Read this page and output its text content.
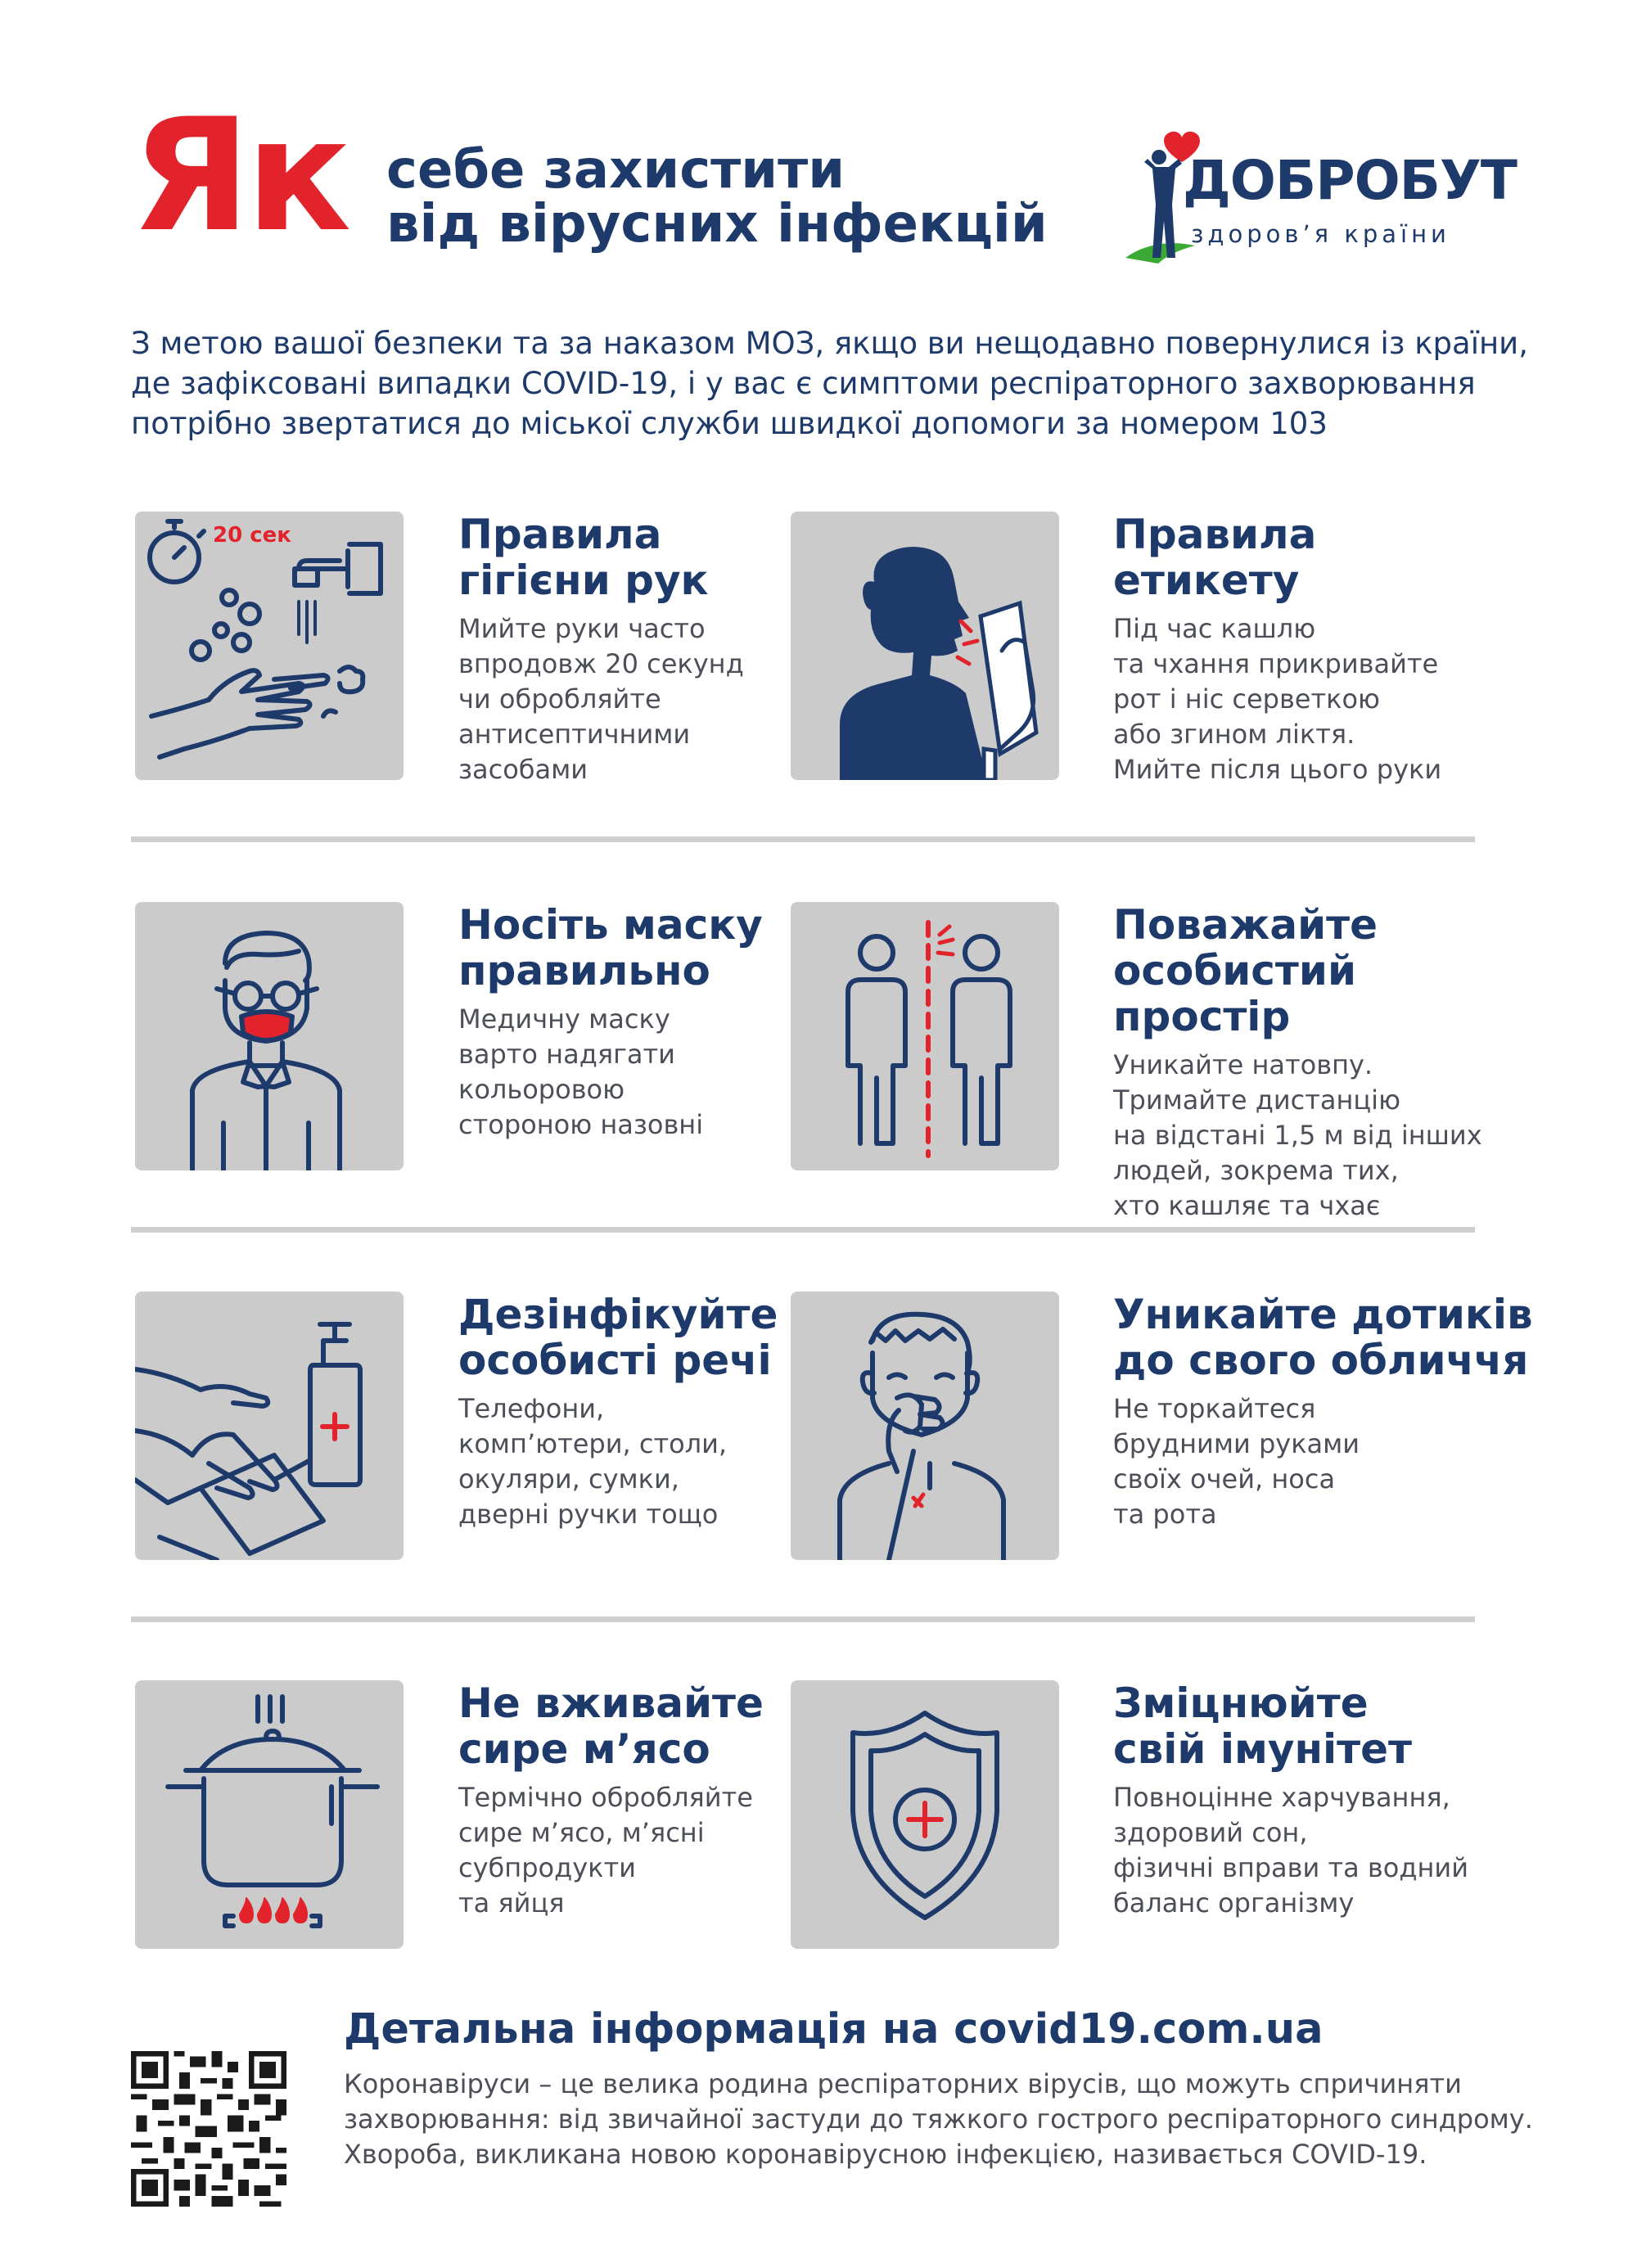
Як себе захистити
від вірусних інфекцій
ДОБРОБУТ
здоров’я країни
З метою вашої безпеки та за наказом МОЗ, якщо ви нещодавно повернулися із країни,
де зафіксовані випадки COVID-19, і у вас є симптоми респіраторного захворювання
потрібно звертатися до міської служби швидкої допомоги за номером 103
20 сек	Правила
гігієни рук
Мийте руки часто
впродовж 20 секунд
чи обробляйте
антисептичними
засобами
Правила
етикету
Під час кашлю
та чхання прикривайте
рот і ніс серветкою
або згином ліктя.
Мийте після цього руки
Носіть маску
правильно
Медичну маску
варто надягати
кольоровою
стороною назовні
Поважайте
особистий простір
Уникайте натовпу.
Тримайте дистанцію
на відстані 1,5 м від інших
людей, зокрема тих,
хто кашляє та чхає
Дезінфікуйте
особисті речі
Телефони,
комп’ютери, столи,
окуляри, сумки,
дверні ручки тощо
Уникайте дотиків
до свого обличчя
Не торкайтеся
брудними руками
своїх очей, носа
та рота
Не вживайте
сире м’ясо
Термічно обробляйте
сире м’ясо, м’ясні
субпродукти
та яйця
Зміцнюйте
свій імунітет
Повноцінне харчування,
здоровий сон,
фізичні вправи та водний
баланс організму
Детальна інформація на covid19.com.ua
Коронавіруси – це велика родина респіраторних вірусів, що можуть спричиняти
захворювання: від звичайної застуди до тяжкого гострого респіраторного синдрому.
Хвороба, викликана новою коронавірусною інфекцією, називається COVID-19.
